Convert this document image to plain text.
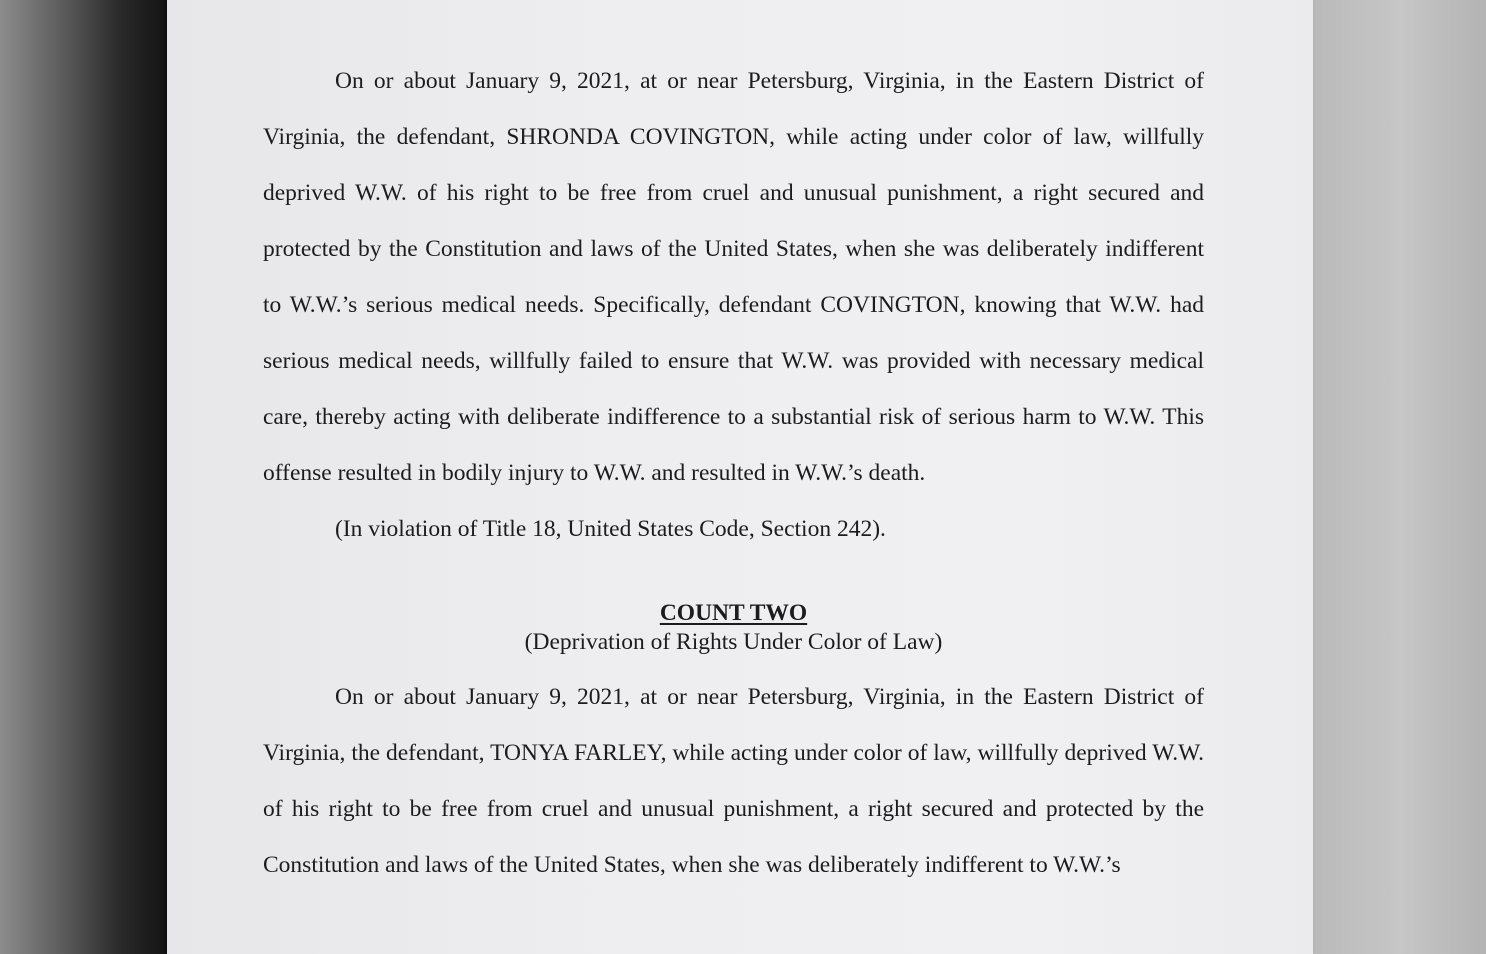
On or about January 9, 2021, at or near Petersburg, Virginia, in the Eastern District of Virginia, the defendant, SHRONDA COVINGTON, while acting under color of law, willfully deprived W.W. of his right to be free from cruel and unusual punishment, a right secured and protected by the Constitution and laws of the United States, when she was deliberately indifferent to W.W.’s serious medical needs. Specifically, defendant COVINGTON, knowing that W.W. had serious medical needs, willfully failed to ensure that W.W. was provided with necessary medical care, thereby acting with deliberate indifference to a substantial risk of serious harm to W.W. This offense resulted in bodily injury to W.W. and resulted in W.W.’s death.

(In violation of Title 18, United States Code, Section 242).
COUNT TWO
(Deprivation of Rights Under Color of Law)

On or about January 9, 2021, at or near Petersburg, Virginia, in the Eastern District of Virginia, the defendant, TONYA FARLEY, while acting under color of law, willfully deprived W.W. of his right to be free from cruel and unusual punishment, a right secured and protected by the Constitution and laws of the United States, when she was deliberately indifferent to W.W.’s
